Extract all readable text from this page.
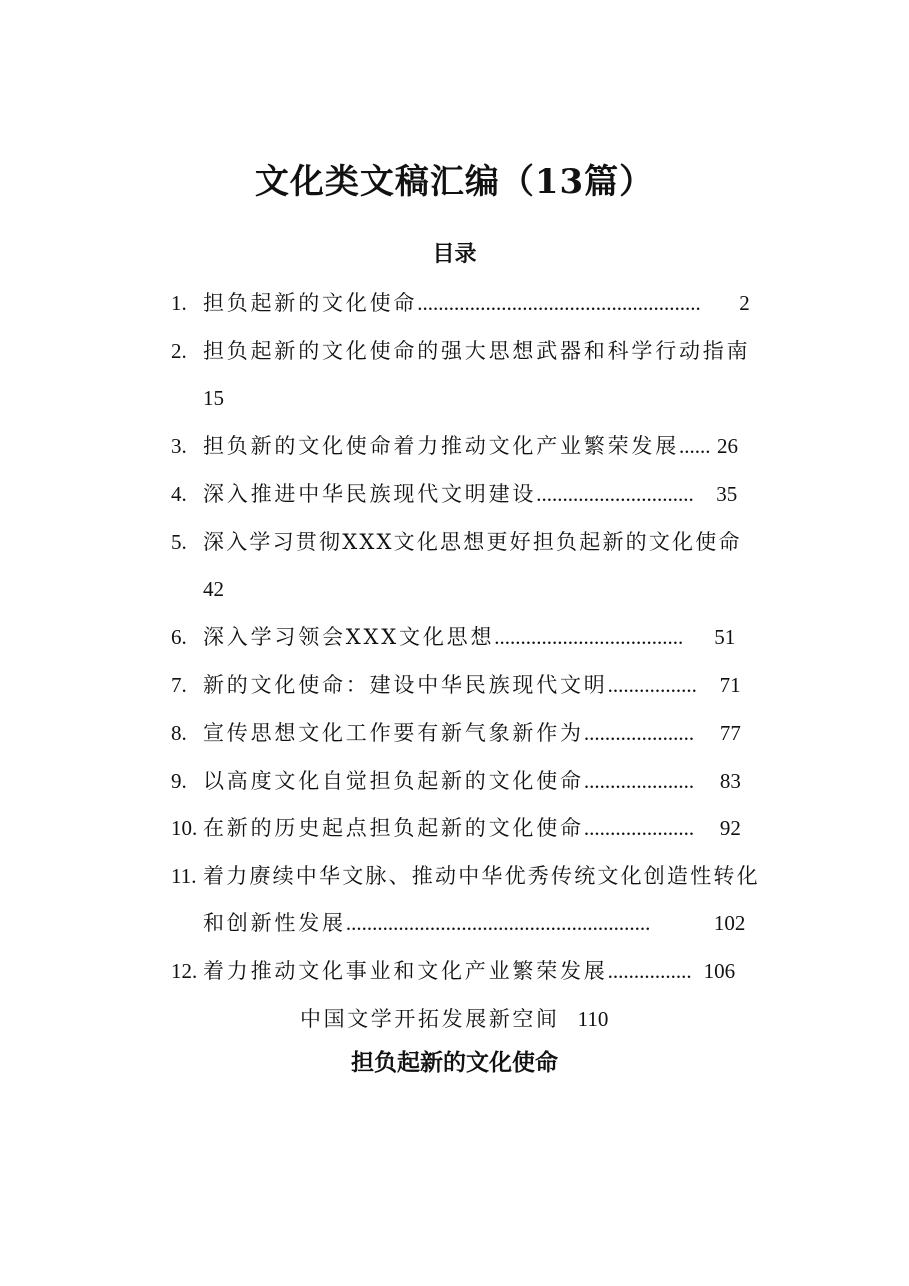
文化类文稿汇编（13篇）
目录
1. 担负起新的文化使命 ......................................................	2
2. 担负起新的文化使命的强大思想武器和科学行动指南
15
3. 担负新的文化使命着力推动文化产业繁荣发展 ...... 26
4. 深入推进中华民族现代文明建设 ..............................	35
5. 深入学习贯彻XXX文化思想更好担负起新的文化使命
42
6. 深入学习领会XXX文化思想 ....................................	51
7. 新的文化使命：建设中华民族现代文明 .................	71
8. 宣传思想文化工作要有新气象新作为 .....................	77
9. 以高度文化自觉担负起新的文化使命 .....................	83
10. 在新的历史起点担负起新的文化使命 .....................	92
11. 着力赓续中华文脉、推动中华优秀传统文化创造性转化
和创新性发展 ..........................................................	102
12. 着力推动文化事业和文化产业繁荣发展 ................ 106
中国文学开拓发展新空间 110
担负起新的文化使命
